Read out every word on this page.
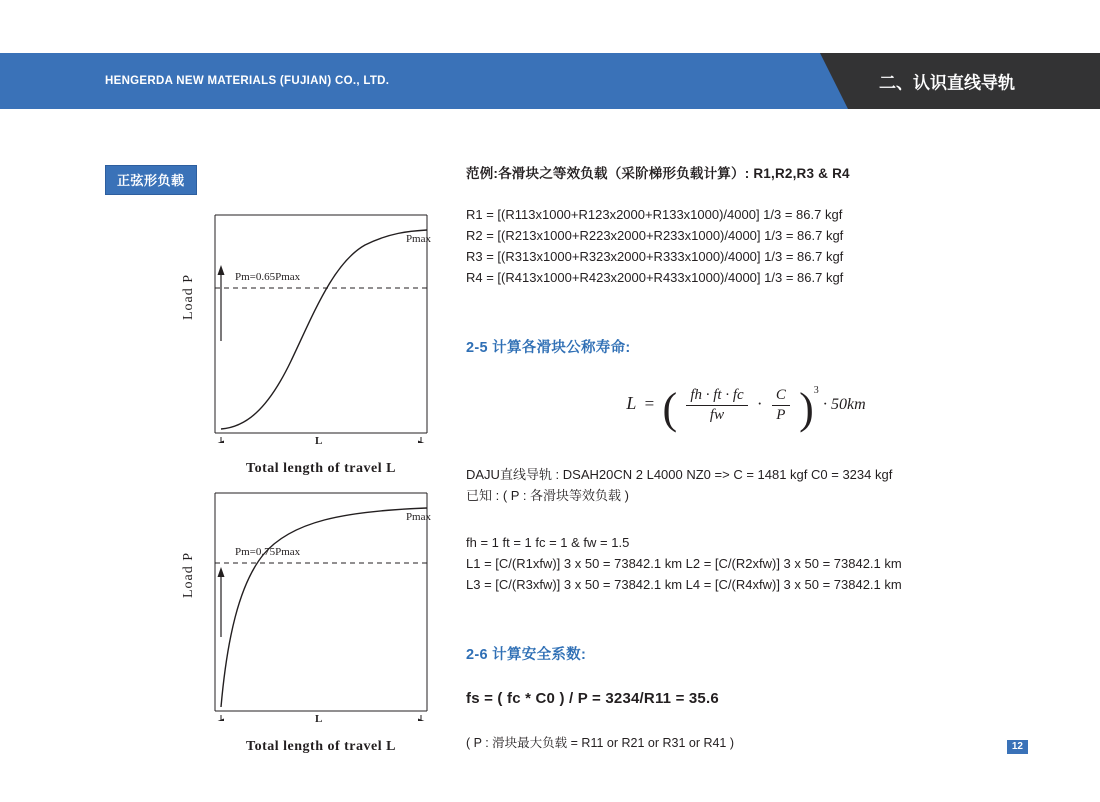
HENGERDA NEW MATERIALS (FUJIAN) CO., LTD.	二、认识直线导轨
正弦形负载
Pmax
Pm=0.65Pmax
L
Load P
Total length of travel L
Pmax
Pm=0.75Pmax
L
Load P
Total length of travel L

范例:各滑块之等效负载（采阶梯形负载计算）: R1,R2,R3 & R4

R1 = [(R113x1000+R123x2000+R133x1000)/4000] 1/3 = 86.7 kgf

R2 = [(R213x1000+R223x2000+R233x1000)/4000] 1/3 = 86.7 kgf

R3 = [(R313x1000+R323x2000+R333x1000)/4000] 1/3 = 86.7 kgf

R4 = [(R413x1000+R423x2000+R433x1000)/4000] 1/3 = 86.7 kgf

2-5 计算各滑块公称寿命:

L = ( $\frac{fh \cdot ft \cdot fc}{fw} \cdot \frac{C}{P} )^3 \cdot 50km$

DAJU直线导轨 : DSAH20CN 2 L4000 NZ0 => C = 1481 kgf C0 = 3234 kgf

已知 : ( P : 各滑块等效负载 )

fh = 1 ft = 1 fc = 1 & fw = 1.5

L1 = [C/(R1xfw)] 3 x 50 = 73842.1 km L2 = [C/(R2xfw)] 3 x 50 = 73842.1 km

L3 = [C/(R3xfw)] 3 x 50 = 73842.1 km L4 = [C/(R4xfw)] 3 x 50 = 73842.1 km

2-6 计算安全系数:

fs = ( fc * C0 ) / P = 3234/R11 = 35.6

( P : 滑块最大负载 = R11 or R21 or R31 or R41 )	12
